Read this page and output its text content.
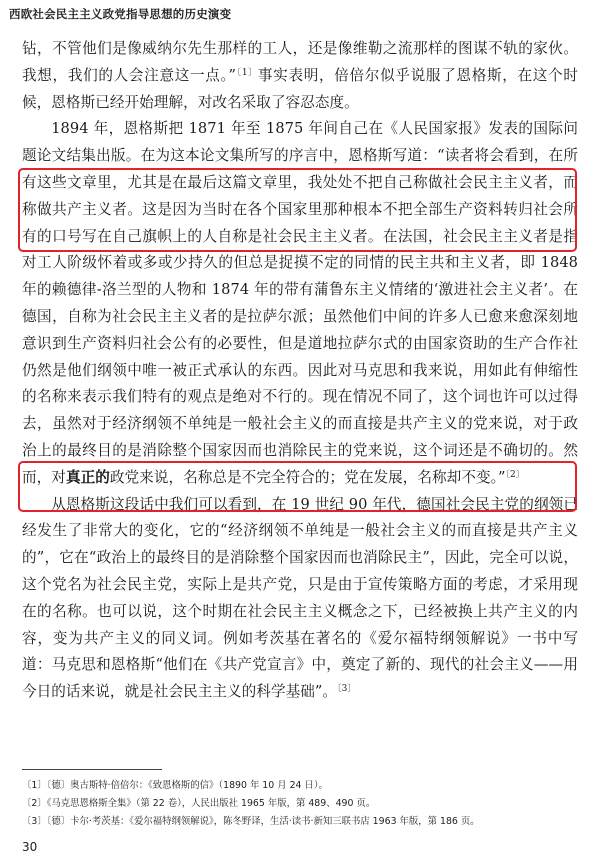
西欧社会民主主义政党指导思想的历史演变

钻，不管他们是像威纳尔先生那样的工人，还是像维勒之流那样的图谋不轨的家伙。我想，我们的人会注意这一点。”$^{〔1〕}$事实表明，倍倍尔似乎说服了恩格斯，在这个时候，恩格斯已经开始理解，对改名采取了容忍态度。

1894 年，恩格斯把 1871 年至 1875 年间自己在《人民国家报》发表的国际问题论文结集出版。在为这本论文集所写的序言中，恩格斯写道：“读者将会看到，在所有这些文章里，尤其是在最后这篇文章里，我处处不把自己称做社会民主主义者，而称做共产主义者。这是因为当时在各个国家里那种根本不把全部生产资料转归社会所有的口号写在自己旗帜上的人自称是社会民主主义者。在法国，社会民主主义者是指对工人阶级怀着或多或少持久的但总是捉摸不定的同情的民主共和主义者，即 1848 年的赖德律-洛兰型的人物和 1874 年的带有蒲鲁东主义情绪的‘激进社会主义者’。在德国，自称为社会民主主义者的是拉萨尔派；虽然他们中间的许多人已愈来愈深刻地意识到生产资料归社会公有的必要性，但是道地拉萨尔式的由国家资助的生产合作社仍然是他们纲领中唯一被正式承认的东西。因此对马克思和我来说，用如此有伸缩性的名称来表示我们特有的观点是绝对不行的。现在情况不同了，这个词也许可以过得去，虽然对于经济纲领不单纯是一般社会主义的而直接是共产主义的党来说，对于政治上的最终目的是消除整个国家因而也消除民主的党来说，这个词还是不确切的。然而，对真正的政党来说，名称总是不完全符合的；党在发展，名称却不变。”$^{〔2〕}$

从恩格斯这段话中我们可以看到，在 19 世纪 90 年代，德国社会民主党的纲领已经发生了非常大的变化，它的“经济纲领不单纯是一般社会主义的而直接是共产主义的”，它在“政治上的最终目的是消除整个国家因而也消除民主”，因此，完全可以说，这个党名为社会民主党，实际上是共产党，只是由于宣传策略方面的考虑，才采用现在的名称。也可以说，这个时期在社会民主主义概念之下，已经被换上共产主义的内容，变为共产主义的同义词。例如考茨基在著名的《爱尔福特纲领解说》一书中写道：马克思和恩格斯“他们在《共产党宣言》中，奠定了新的、现代的社会主义——用今日的话来说，就是社会民主主义的科学基础”。$^{〔3〕}$

〔1〕〔德〕奥古斯特·倍倍尔：《致恩格斯的信》（1890 年 10 月 24 日）。
〔2〕《马克思恩格斯全集》（第 22 卷），人民出版社 1965 年版，第 489、490 页。
〔3〕〔德〕卡尔·考茨基：《爱尔福特纲领解说》，陈冬野译，生活·读书·新知三联书店 1963 年版，第 186 页。
30
